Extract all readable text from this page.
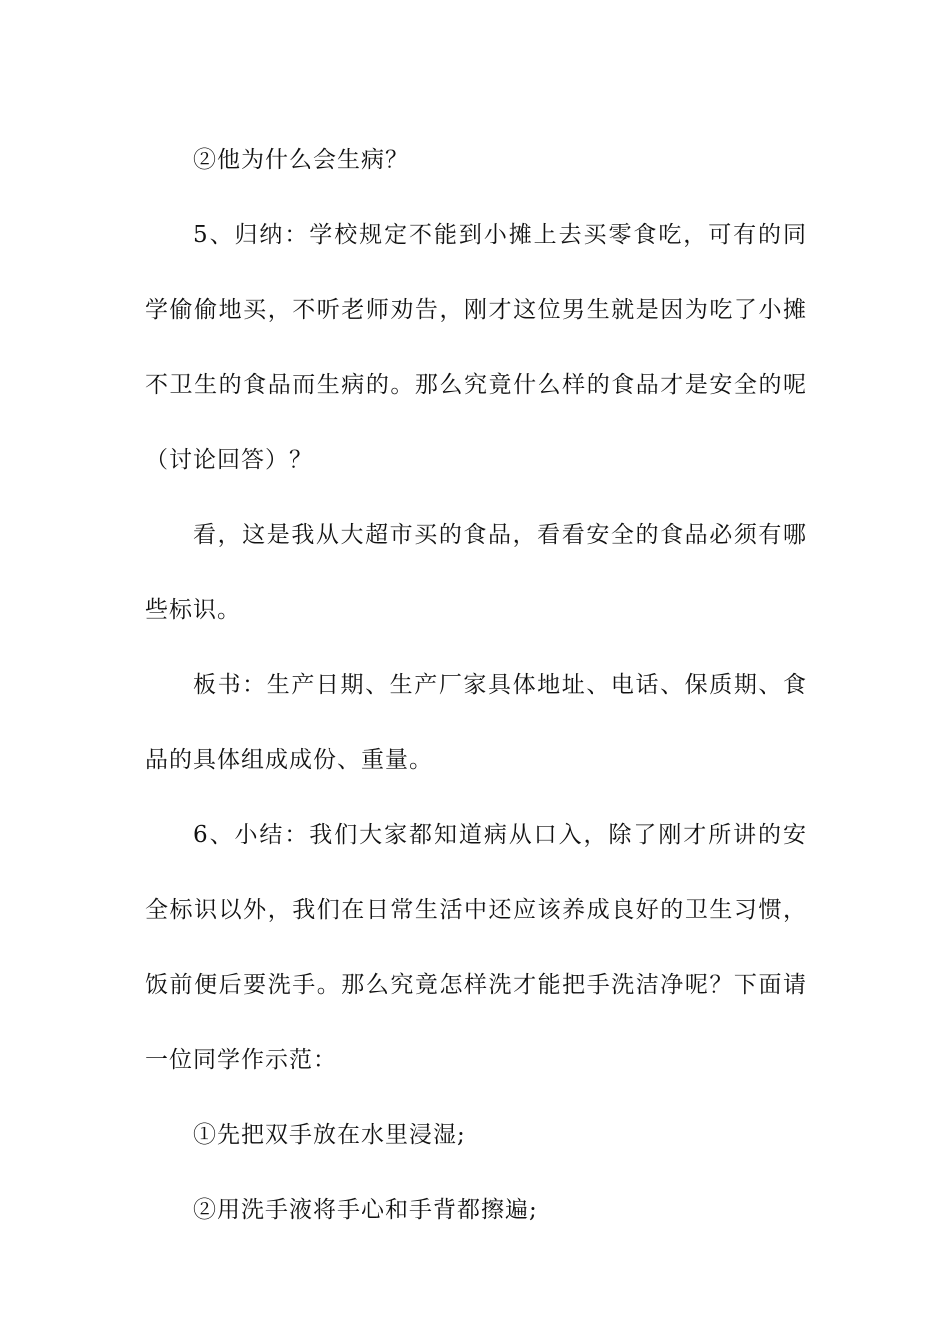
②他为什么会生病？

5、归纳：学校规定不能到小摊上去买零食吃，可有的同学偷偷地买，不听老师劝告，刚才这位男生就是因为吃了小摊不卫生的食品而生病的。那么究竟什么样的食品才是安全的呢（讨论回答）？

看，这是我从大超市买的食品，看看安全的食品必须有哪些标识。

板书：生产日期、生产厂家具体地址、电话、保质期、食品的具体组成成份、重量。

6、小结：我们大家都知道病从口入，除了刚才所讲的安全标识以外，我们在日常生活中还应该养成良好的卫生习惯，饭前便后要洗手。那么究竟怎样洗才能把手洗洁净呢？下面请一位同学作示范：

①先把双手放在水里浸湿;

②用洗手液将手心和手背都擦遍;
